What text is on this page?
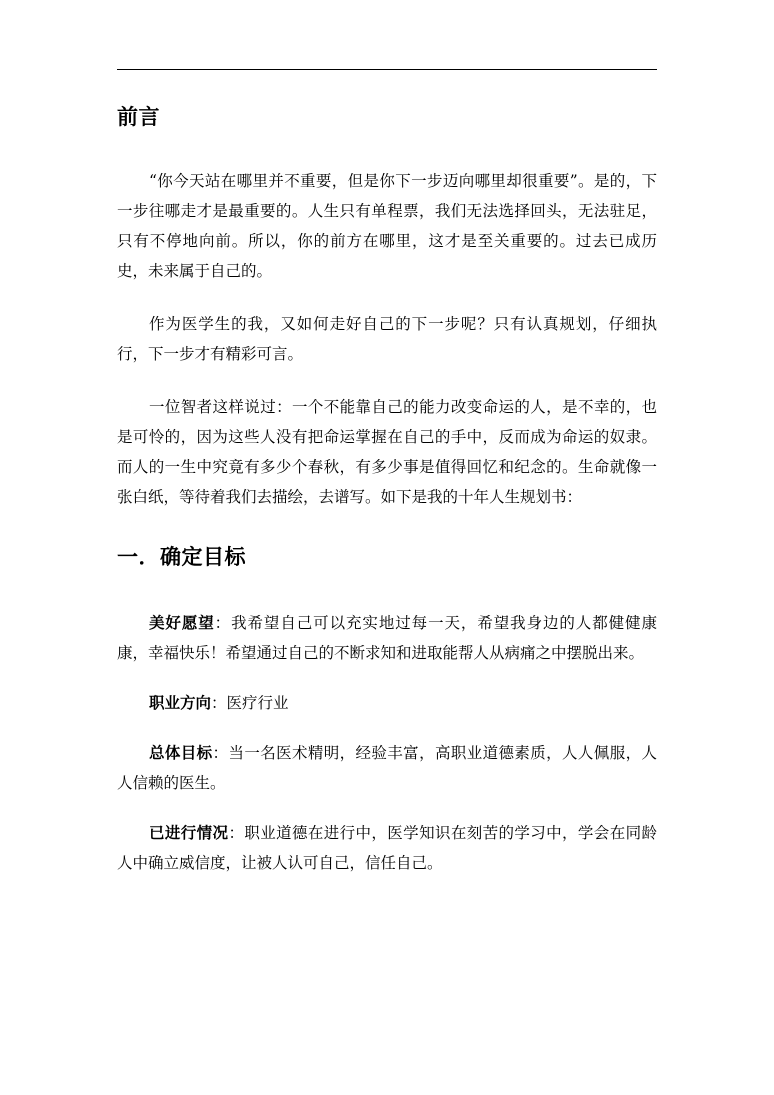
前言

“你今天站在哪里并不重要，但是你下一步迈向哪里却很重要”。是的，下一步往哪走才是最重要的。人生只有单程票，我们无法选择回头，无法驻足，只有不停地向前。所以，你的前方在哪里，这才是至关重要的。过去已成历史，未来属于自己的。

作为医学生的我，又如何走好自己的下一步呢？只有认真规划，仔细执行，下一步才有精彩可言。

一位智者这样说过：一个不能靠自己的能力改变命运的人，是不幸的，也是可怜的，因为这些人没有把命运掌握在自己的手中，反而成为命运的奴隶。而人的一生中究竟有多少个春秋，有多少事是值得回忆和纪念的。生命就像一张白纸，等待着我们去描绘，去谱写。如下是我的十年人生规划书：

一．确定目标

美好愿望：我希望自己可以充实地过每一天，希望我身边的人都健健康康，幸福快乐！希望通过自己的不断求知和进取能帮人从病痛之中摆脱出来。

职业方向：医疗行业

总体目标：当一名医术精明，经验丰富，高职业道德素质，人人佩服，人人信赖的医生。

已进行情况：职业道德在进行中，医学知识在刻苦的学习中，学会在同龄人中确立威信度，让被人认可自己，信任自己。
